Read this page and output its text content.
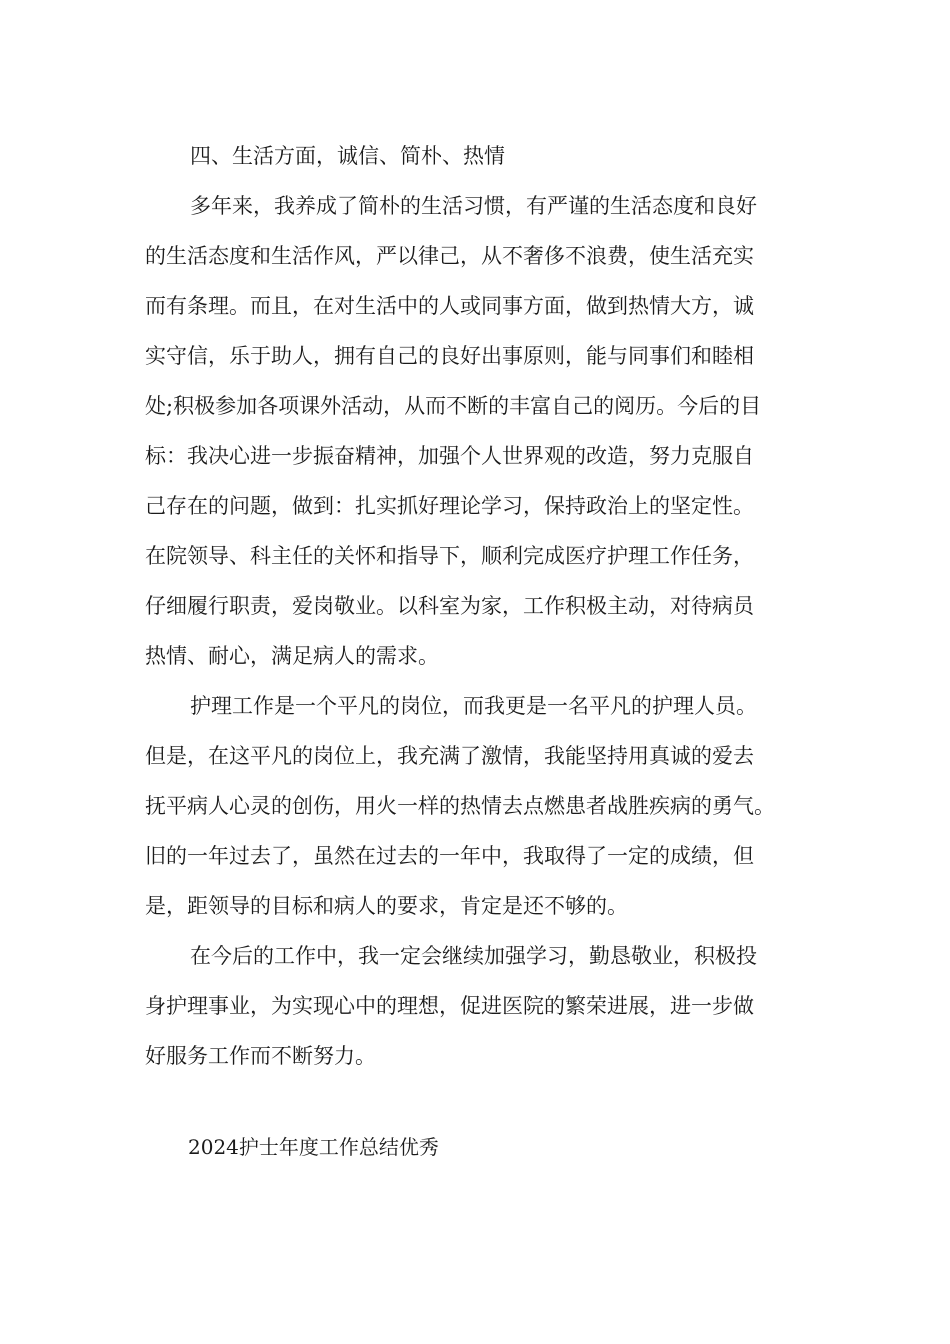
四、生活方面，诚信、简朴、热情
多年来，我养成了简朴的生活习惯，有严谨的生活态度和良好
的生活态度和生活作风，严以律己，从不奢侈不浪费，使生活充实
而有条理。而且，在对生活中的人或同事方面，做到热情大方，诚
实守信，乐于助人，拥有自己的良好出事原则，能与同事们和睦相
处;积极参加各项课外活动，从而不断的丰富自己的阅历。今后的目
标：我决心进一步振奋精神，加强个人世界观的改造，努力克服自
己存在的问题，做到：扎实抓好理论学习，保持政治上的坚定性。
在院领导、科主任的关怀和指导下，顺利完成医疗护理工作任务，
仔细履行职责，爱岗敬业。以科室为家，工作积极主动，对待病员
热情、耐心，满足病人的需求。
护理工作是一个平凡的岗位，而我更是一名平凡的护理人员。
但是，在这平凡的岗位上，我充满了激情，我能坚持用真诚的爱去
抚平病人心灵的创伤，用火一样的热情去点燃患者战胜疾病的勇气。
旧的一年过去了，虽然在过去的一年中，我取得了一定的成绩，但
是，距领导的目标和病人的要求，肯定是还不够的。
在今后的工作中，我一定会继续加强学习，勤恳敬业，积极投
身护理事业，为实现心中的理想，促进医院的繁荣进展，进一步做
好服务工作而不断努力。
2024护士年度工作总结优秀
